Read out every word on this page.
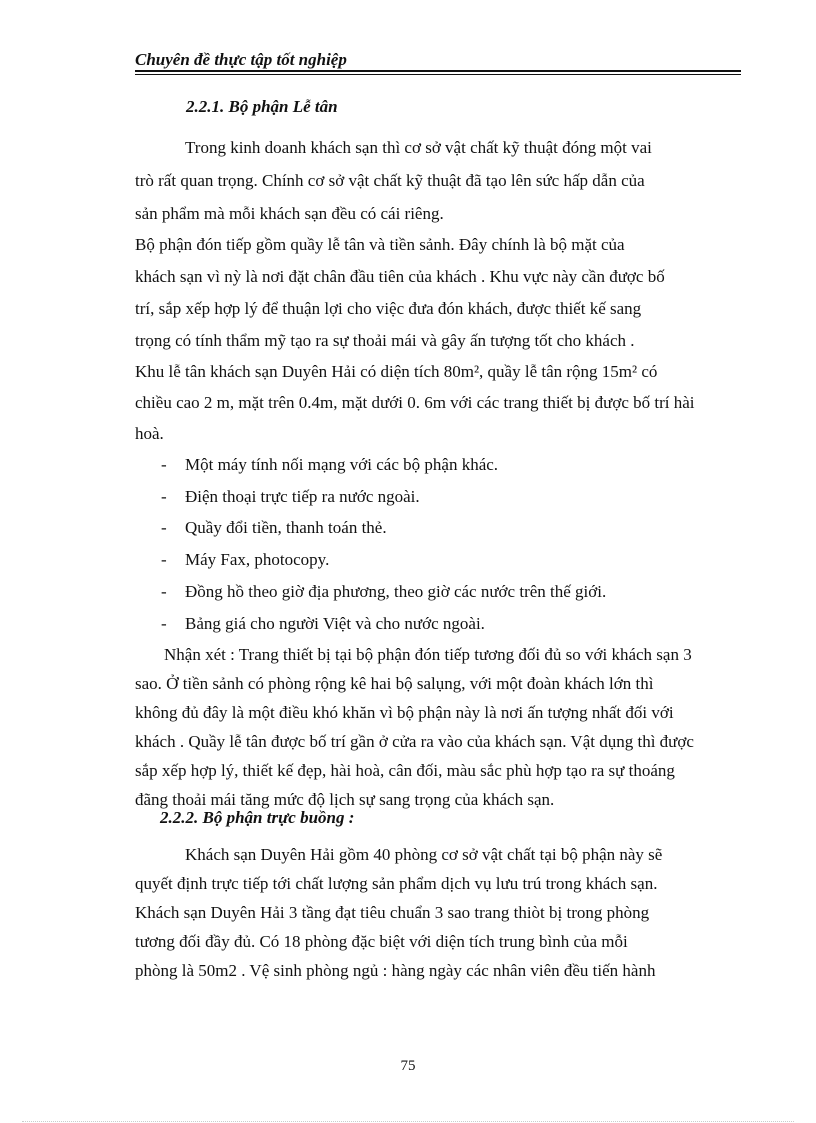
Chuyên đề thực tập tốt nghiệp
2.2.1. Bộ phận Lễ tân
Trong kinh doanh khách sạn thì cơ sở vật chất kỹ thuật đóng một vai
trò rất quan trọng. Chính cơ sở vật chất kỹ thuật đã tạo lên sức hấp dẫn của
sản phẩm mà mỗi khách sạn đều có cái riêng.
Bộ phận đón tiếp gồm quầy lễ tân và tiền sảnh. Đây chính là bộ mặt của
khách sạn vì nỳ là nơi đặt chân đầu tiên của khách . Khu vực này cần được bố
trí, sắp xếp hợp lý để thuận lợi cho việc đưa đón khách, được thiết kế sang
trọng có tính thẩm mỹ tạo ra sự thoải mái và gây ấn tượng tốt cho khách .
Khu lễ tân khách sạn Duyên Hải có diện tích 80m², quầy lễ tân rộng 15m² có
chiều cao 2 m, mặt trên 0.4m, mặt dưới 0. 6m với các trang thiết bị được bố trí hài
hoà.
- Một máy tính nối mạng với các bộ phận khác.
- Điện thoại trực tiếp ra nước ngoài.
- Quầy đổi tiền, thanh toán thẻ.
- Máy Fax, photocopy.
- Đồng hồ theo giờ địa phương, theo giờ các nước trên thế giới.
- Bảng giá cho người Việt và cho nước ngoài.
Nhận xét : Trang thiết bị tại bộ phận đón tiếp tương đối đủ so với khách sạn 3
sao. Ở tiền sảnh có phòng rộng kê hai bộ salụng, với một đoàn khách lớn thì
không đủ đây là một điều khó khăn vì bộ phận này là nơi ấn tượng nhất đối với
khách . Quầy lễ tân được bố trí gần ở cửa ra vào của khách sạn. Vật dụng thì được
sắp xếp hợp lý, thiết kế đẹp, hài hoà, cân đối, màu sắc phù hợp tạo ra sự thoáng
đãng thoải mái tăng mức độ lịch sự sang trọng của khách sạn.
2.2.2. Bộ phận trực buồng :
Khách sạn Duyên Hải gồm 40 phòng cơ sở vật chất tại bộ phận này sẽ
quyết định trực tiếp tới chất lượng sản phẩm dịch vụ lưu trú trong khách sạn.
Khách sạn Duyên Hải 3 tầng đạt tiêu chuẩn 3 sao trang thiòt bị trong phòng
tương đối đầy đủ. Có 18 phòng đặc biệt với diện tích trung bình của mỗi
phòng là 50m2 . Vệ sinh phòng ngủ : hàng ngày các nhân viên đều tiến hành
75
